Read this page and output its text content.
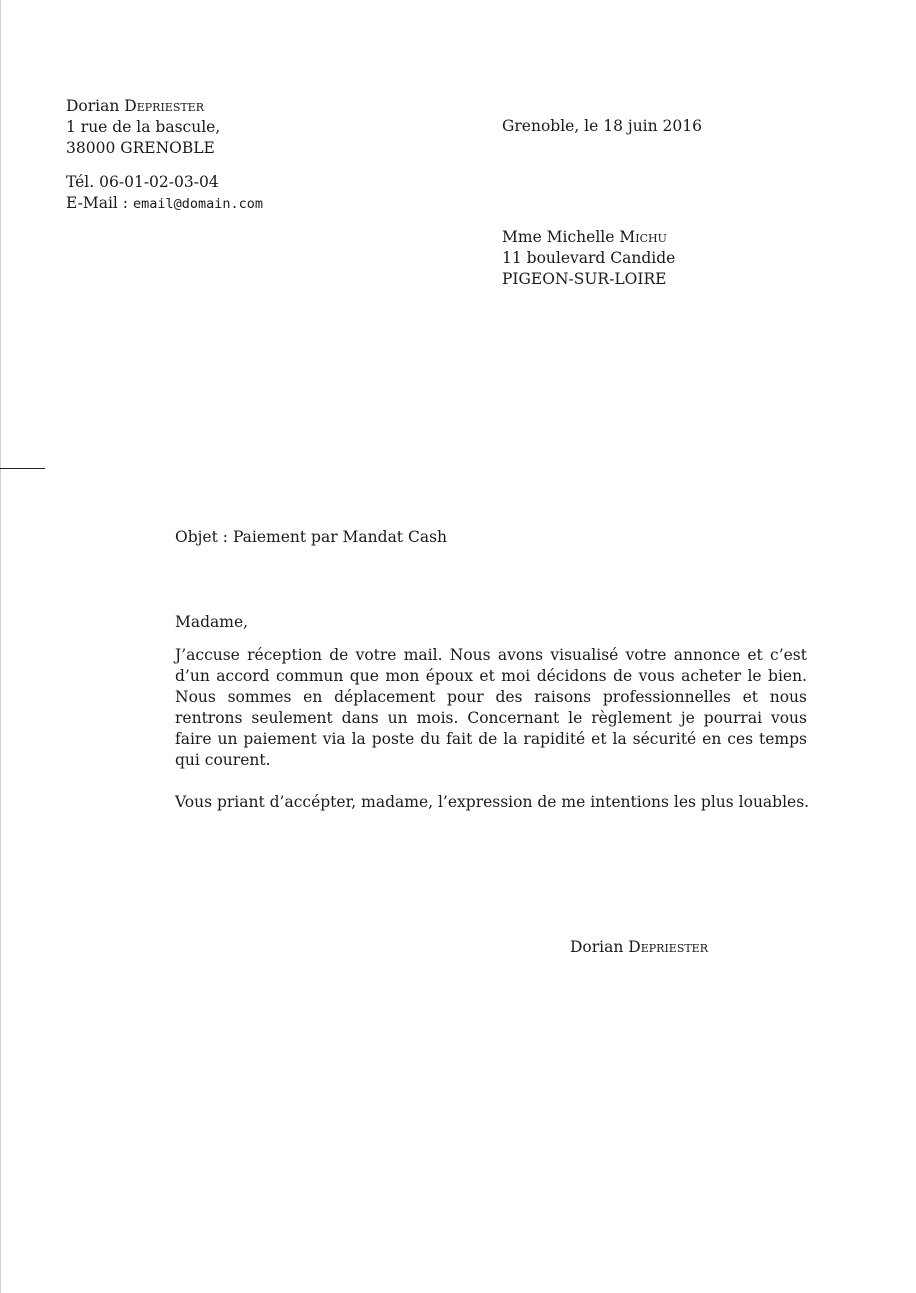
Dorian Depriester
1 rue de la bascule,
38000 GRENOBLE
Tél. 06-01-02-03-04
E-Mail : email@domain.com
Grenoble, le 18 juin 2016
Mme Michelle Michu
11 boulevard Candide
PIGEON-SUR-LOIRE
Objet : Paiement par Mandat Cash
Madame,
J’accuse réception de votre mail. Nous avons visualisé votre annonce et c’est d’un accord commun que mon époux et moi décidons de vous acheter le bien. Nous sommes en déplacement pour des raisons professionnelles et nous rentrons seulement dans un mois. Concernant le règlement je pourrai vous faire un paiement via la poste du fait de la rapidité et la sécurité en ces temps qui courent.
Vous priant d’accépter, madame, l’expression de me intentions les plus louables.
Dorian Depriester
